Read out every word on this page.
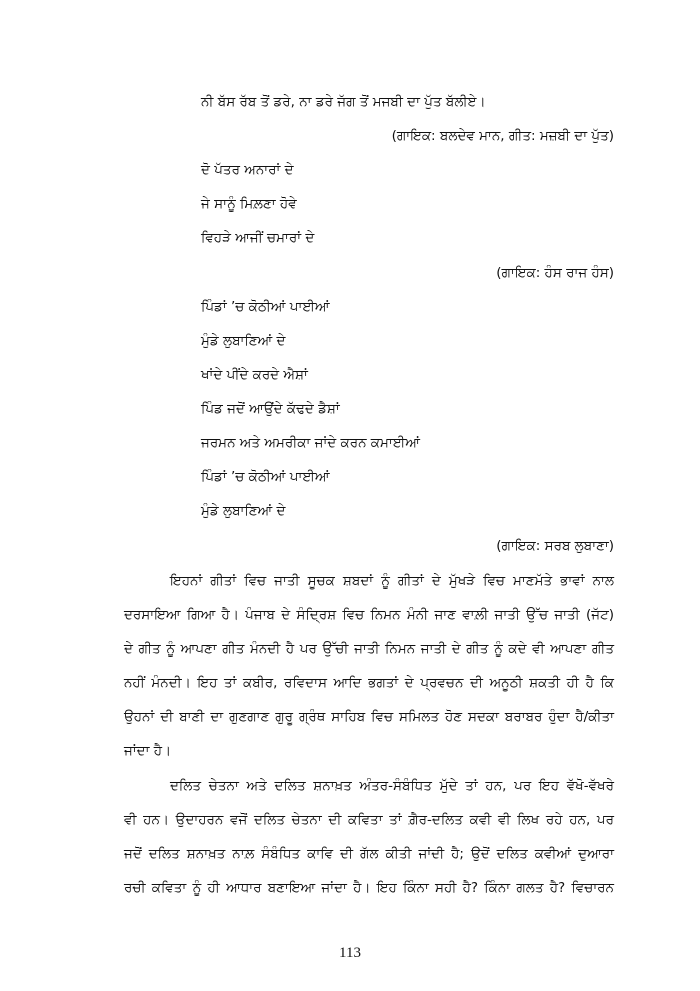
ਨੀ ਬੱਸ ਰੱਬ ਤੋਂ ਡਰੇ, ਨਾ ਡਰੇ ਜੱਗ ਤੋਂ ਮਜਬੀ ਦਾ ਪੁੱਤ ਬੱਲੀਏ।
(ਗਾਇਕ: ਬਲਦੇਵ ਮਾਨ, ਗੀਤ: ਮਜ਼ਬੀ ਦਾ ਪੁੱਤ)
ਦੋ ਪੱਤਰ ਅਨਾਰਾਂ ਦੇ
ਜੇ ਸਾਨੂੰ ਮਿਲ਼ਣਾ ਹੋਵੇ
ਵਿਹੜੇ ਆਜੀਂ ਚਮਾਰਾਂ ਦੇ
(ਗਾਇਕ: ਹੰਸ ਰਾਜ ਹੰਸ)
ਪਿੰਡਾਂ ’ਚ ਕੋਠੀਆਂ ਪਾਈਆਂ
ਮੁੰਡੇ ਲੁਬਾਣਿਆਂ ਦੇ
ਖਾਂਦੇ ਪੀਂਦੇ ਕਰਦੇ ਐਸ਼ਾਂ
ਪਿੰਡ ਜਦੋਂ ਆਉਂਦੇ ਕੱਢਦੇ ਡੈਸ਼ਾਂ
ਜਰਮਨ ਅਤੇ ਅਮਰੀਕਾ ਜਾਂਦੇ ਕਰਨ ਕਮਾਈਆਂ
ਪਿੰਡਾਂ ’ਚ ਕੋਠੀਆਂ ਪਾਈਆਂ
ਮੁੰਡੇ ਲੁਬਾਣਿਆਂ ਦੇ
(ਗਾਇਕ: ਸਰਬ ਲੁਬਾਣਾ)
ਇਹਨਾਂ ਗੀਤਾਂ ਵਿਚ ਜਾਤੀ ਸੂਚਕ ਸ਼ਬਦਾਂ ਨੂੰ ਗੀਤਾਂ ਦੇ ਮੁੱਖੜੇ ਵਿਚ ਮਾਣਮੱਤੇ ਭਾਵਾਂ ਨਾਲ
ਦਰਸਾਇਆ ਗਿਆ ਹੈ। ਪੰਜਾਬ ਦੇ ਸੰਦ੍ਰਿਸ਼ ਵਿਚ ਨਿਮਨ ਮੰਨੀ ਜਾਣ ਵਾਲ਼ੀ ਜਾਤੀ ਉੱਚ ਜਾਤੀ (ਜੱਟ)
ਦੇ ਗੀਤ ਨੂੰ ਆਪਣਾ ਗੀਤ ਮੰਨਦੀ ਹੈ ਪਰ ਉੱਚੀ ਜਾਤੀ ਨਿਮਨ ਜਾਤੀ ਦੇ ਗੀਤ ਨੂੰ ਕਦੇ ਵੀ ਆਪਣਾ ਗੀਤ
ਨਹੀਂ ਮੰਨਦੀ। ਇਹ ਤਾਂ ਕਬੀਰ, ਰਵਿਦਾਸ ਆਦਿ ਭਗਤਾਂ ਦੇ ਪ੍ਰਵਚਨ ਦੀ ਅਨੂਠੀ ਸ਼ਕਤੀ ਹੀ ਹੈ ਕਿ
ਉਹਨਾਂ ਦੀ ਬਾਣੀ ਦਾ ਗੁਣਗਾਣ ਗੁਰੂ ਗ੍ਰੰਥ ਸਾਹਿਬ ਵਿਚ ਸਮਿਲਤ ਹੋਣ ਸਦਕਾ ਬਰਾਬਰ ਹੁੰਦਾ ਹੈ/ਕੀਤਾ
ਜਾਂਦਾ ਹੈ।
ਦਲਿਤ ਚੇਤਨਾ ਅਤੇ ਦਲਿਤ ਸ਼ਨਾਖ਼ਤ ਅੰਤਰ-ਸੰਬੰਧਿਤ ਮੁੱਦੇ ਤਾਂ ਹਨ, ਪਰ ਇਹ ਵੱਖੋ-ਵੱਖਰੇ
ਵੀ ਹਨ। ਉਦਾਹਰਨ ਵਜੋਂ ਦਲਿਤ ਚੇਤਨਾ ਦੀ ਕਵਿਤਾ ਤਾਂ ਗ਼ੈਰ-ਦਲਿਤ ਕਵੀ ਵੀ ਲਿਖ ਰਹੇ ਹਨ, ਪਰ
ਜਦੋਂ ਦਲਿਤ ਸ਼ਨਾਖ਼ਤ ਨਾਲ਼ ਸੰਬੰਧਿਤ ਕਾਵਿ ਦੀ ਗੱਲ ਕੀਤੀ ਜਾਂਦੀ ਹੈ; ਉਦੋਂ ਦਲਿਤ ਕਵੀਆਂ ਦੁਆਰਾ
ਰਚੀ ਕਵਿਤਾ ਨੂੰ ਹੀ ਆਧਾਰ ਬਣਾਇਆ ਜਾਂਦਾ ਹੈ। ਇਹ ਕਿੰਨਾ ਸਹੀ ਹੈ? ਕਿੰਨਾ ਗਲਤ ਹੈ? ਵਿਚਾਰਨ
113
